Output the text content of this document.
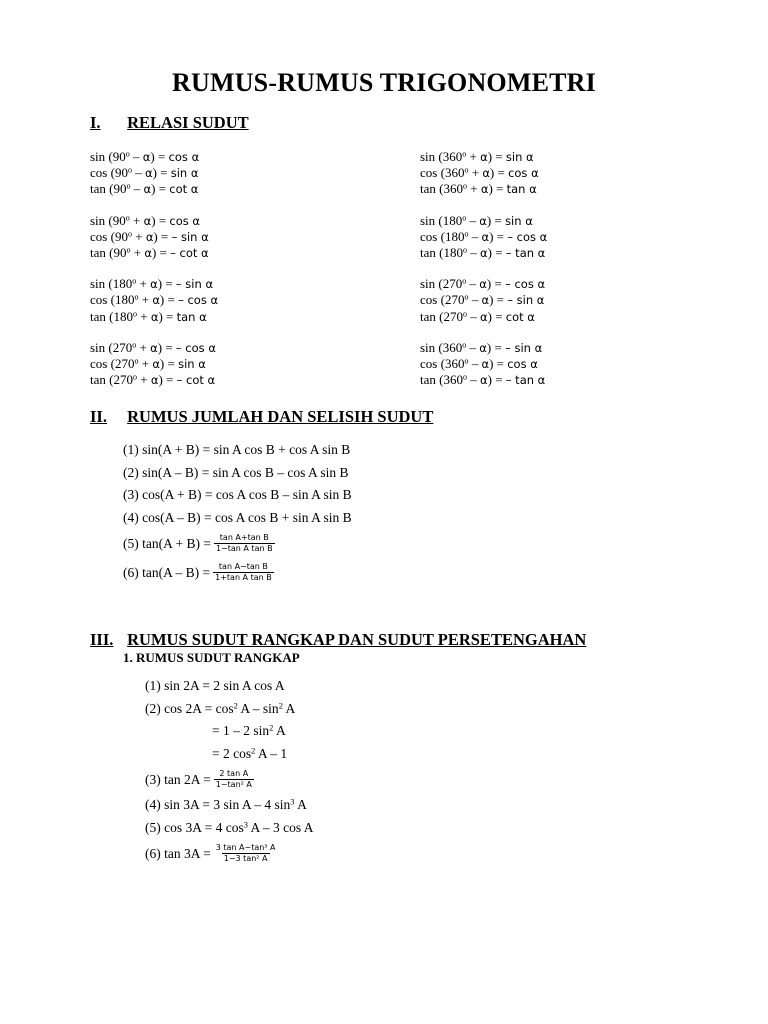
RUMUS-RUMUS TRIGONOMETRI
I. RELASI SUDUT
sin (90$^o$ – α) = cos α
cos (90$^o$ – α) = sin α
tan (90$^o$ – α) = cot α
$\sin (90^o + \alpha) = \cos \alpha$
$\cos (90^o + \alpha)$ = – sin α
$\tan (90^o + \alpha)$ = – cot α
$\sin (180^o + \alpha)$ = – sin α
$\cos (180^o + \alpha)$ = – cos α
$\tan (180^o + \alpha) = \tan \alpha$
$\sin (270^o + \alpha)$ = – cos α
$\cos (270^o + \alpha) = \sin \alpha$
$\tan (270^o + \alpha)$ = – cot α
$\sin (360^o + \alpha) = \sin \alpha$
$\cos (360^o + \alpha) = \cos \alpha$
$\tan (360^o + \alpha) = \tan \alpha$
sin (180$^o$ – α) = sin α
cos (180$^o$ – α) = – cos α
tan (180$^o$ – α) = – tan α
sin (270$^o$ – α) = – cos α
cos (270$^o$ – α) = – sin α
tan (270$^o$ – α) = cot α
sin (360$^o$ – α) = – sin α
cos (360$^o$ – α) = cos α
tan (360$^o$ – α) = – tan α
II. RUMUS JUMLAH DAN SELISIH SUDUT
(1) sin(A + B) = sin A cos B + cos A sin B
(2) sin(A – B) = sin A cos B – cos A sin B
(3) cos(A + B) = cos A cos B – sin A sin B
(4) cos(A – B) = cos A cos B + sin A sin B
(5) $\tan(A + B) = \frac{\text{tan A+tan B}}{\text{1−tan A tan B}}$
(6) $\tan(A - B) = \frac{\text{tan A−tan B}}{\text{1+tan A tan B}}$
III. RUMUS SUDUT RANGKAP DAN SUDUT PERSETENGAHAN
1. RUMUS SUDUT RANGKAP
(1) sin 2A = 2 sin A cos A
(2) $\cos 2A = \cos^2 A - \sin^2 A$
= 1 – 2 $\sin^2 A$
= 2 $\cos^2 A - 1$
(3) $\tan 2A = \frac{\text{2 tan A}}{\text{1−tan² A}}$
(4) sin 3A = 3 sin A – 4 $\sin^3 A$
(5) cos 3A = 4 $\cos^3 A - 3$ cos A
(6) $\tan 3A = \frac{\text{3 tan A−tan³ A}}{\text{1−3 tan² A}}$
